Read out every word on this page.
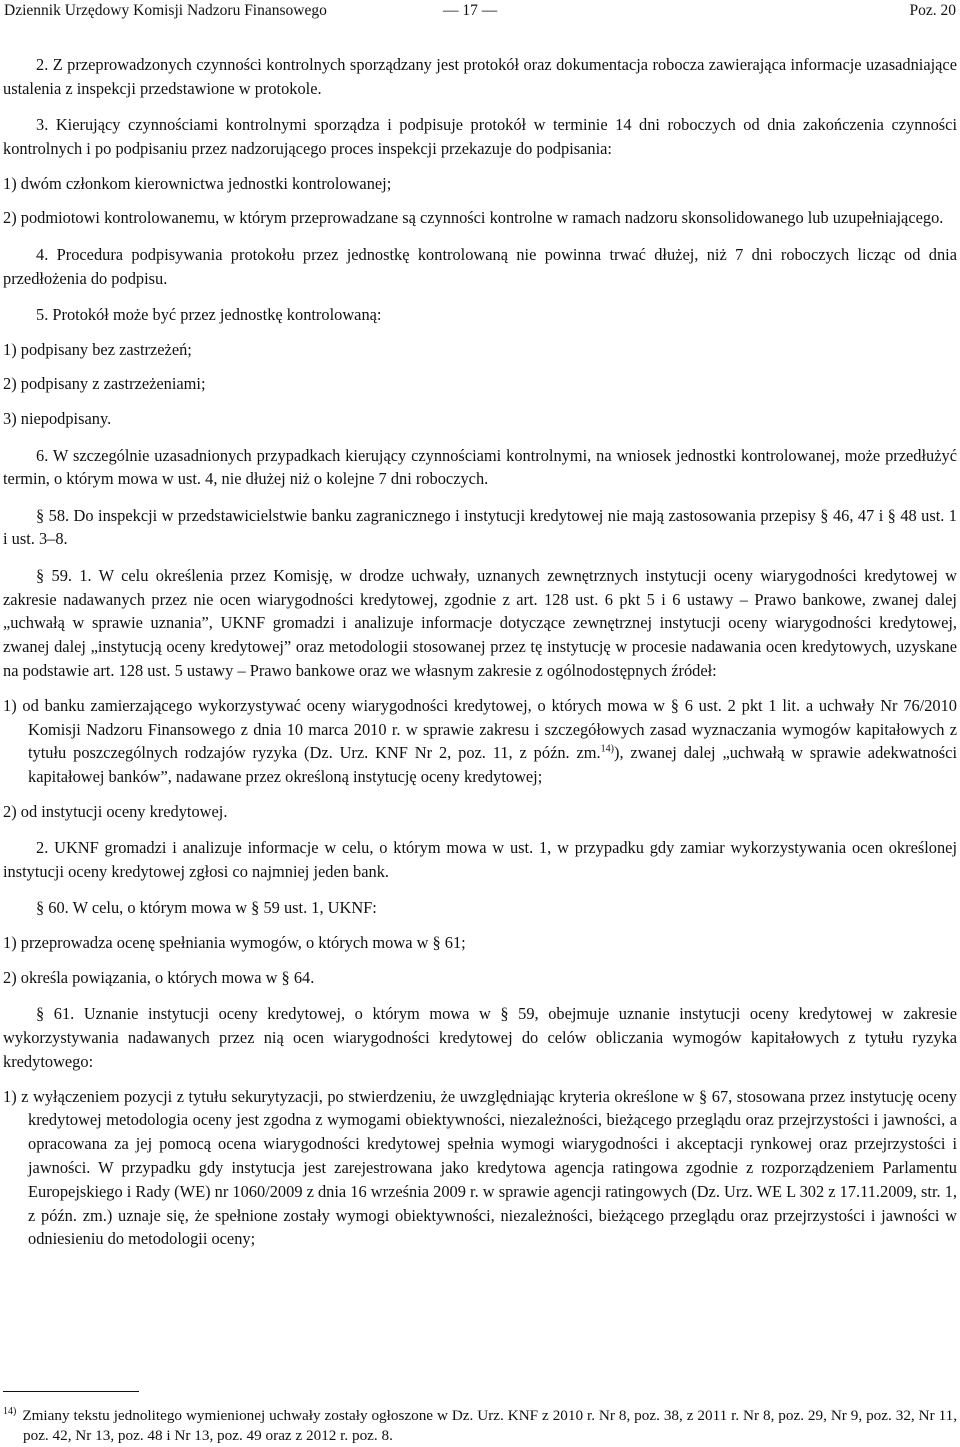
Dziennik Urzędowy Komisji Nadzoru Finansowego	— 17 —	Poz. 20

2. Z przeprowadzonych czynności kontrolnych sporządzany jest protokół oraz dokumentacja robocza zawierająca informacje uzasadniające ustalenia z inspekcji przedstawione w protokole.

3. Kierujący czynnościami kontrolnymi sporządza i podpisuje protokół w terminie 14 dni roboczych od dnia zakończenia czynności kontrolnych i po podpisaniu przez nadzorującego proces inspekcji przekazuje do podpisania:

1) dwóm członkom kierownictwa jednostki kontrolowanej;

2) podmiotowi kontrolowanemu, w którym przeprowadzane są czynności kontrolne w ramach nadzoru skonsolidowanego lub uzupełniającego.

4. Procedura podpisywania protokołu przez jednostkę kontrolowaną nie powinna trwać dłużej, niż 7 dni roboczych licząc od dnia przedłożenia do podpisu.

5. Protokół może być przez jednostkę kontrolowaną:

1) podpisany bez zastrzeżeń;

2) podpisany z zastrzeżeniami;

3) niepodpisany.

6. W szczególnie uzasadnionych przypadkach kierujący czynnościami kontrolnymi, na wniosek jednostki kontrolowanej, może przedłużyć termin, o którym mowa w ust. 4, nie dłużej niż o kolejne 7 dni roboczych.

§ 58. Do inspekcji w przedstawicielstwie banku zagranicznego i instytucji kredytowej nie mają zastosowania przepisy § 46, 47 i § 48 ust. 1 i ust. 3–8.

§ 59. 1. W celu określenia przez Komisję, w drodze uchwały, uznanych zewnętrznych instytucji oceny wiarygodności kredytowej w zakresie nadawanych przez nie ocen wiarygodności kredytowej, zgodnie z art. 128 ust. 6 pkt 5 i 6 ustawy – Prawo bankowe, zwanej dalej „uchwałą w sprawie uznania”, UKNF gromadzi i analizuje informacje dotyczące zewnętrznej instytucji oceny wiarygodności kredytowej, zwanej dalej „instytucją oceny kredytowej” oraz metodologii stosowanej przez tę instytucję w procesie nadawania ocen kredytowych, uzyskane na podstawie art. 128 ust. 5 ustawy – Prawo bankowe oraz we własnym zakresie z ogólnodostępnych źródeł:

1) od banku zamierzającego wykorzystywać oceny wiarygodności kredytowej, o których mowa w § 6 ust. 2 pkt 1 lit. a uchwały Nr 76/2010 Komisji Nadzoru Finansowego z dnia 10 marca 2010 r. w sprawie zakresu i szczegółowych zasad wyznaczania wymogów kapitałowych z tytułu poszczególnych rodzajów ryzyka (Dz. Urz. KNF Nr 2, poz. 11, z późn. zm.$^{14)}$), zwanej dalej „uchwałą w sprawie adekwatności kapitałowej banków”, nadawane przez określoną instytucję oceny kredytowej;

2) od instytucji oceny kredytowej.

2. UKNF gromadzi i analizuje informacje w celu, o którym mowa w ust. 1, w przypadku gdy zamiar wykorzystywania ocen określonej instytucji oceny kredytowej zgłosi co najmniej jeden bank.

§ 60. W celu, o którym mowa w § 59 ust. 1, UKNF:

1) przeprowadza ocenę spełniania wymogów, o których mowa w § 61;

2) określa powiązania, o których mowa w § 64.

§ 61. Uznanie instytucji oceny kredytowej, o którym mowa w § 59, obejmuje uznanie instytucji oceny kredytowej w zakresie wykorzystywania nadawanych przez nią ocen wiarygodności kredytowej do celów obliczania wymogów kapitałowych z tytułu ryzyka kredytowego:

1) z wyłączeniem pozycji z tytułu sekurytyzacji, po stwierdzeniu, że uwzględniając kryteria określone w § 67, stosowana przez instytucję oceny kredytowej metodologia oceny jest zgodna z wymogami obiektywności, niezależności, bieżącego przeglądu oraz przejrzystości i jawności, a opracowana za jej pomocą ocena wiarygodności kredytowej spełnia wymogi wiarygodności i akceptacji rynkowej oraz przejrzystości i jawności. W przypadku gdy instytucja jest zarejestrowana jako kredytowa agencja ratingowa zgodnie z rozporządzeniem Parlamentu Europejskiego i Rady (WE) nr 1060/2009 z dnia 16 września 2009 r. w sprawie agencji ratingowych (Dz. Urz. WE L 302 z 17.11.2009, str. 1, z późn. zm.) uznaje się, że spełnione zostały wymogi obiektywności, niezależności, bieżącego przeglądu oraz przejrzystości i jawności w odniesieniu do metodologii oceny;

$^{14)}$ Zmiany tekstu jednolitego wymienionej uchwały zostały ogłoszone w Dz. Urz. KNF z 2010 r. Nr 8, poz. 38, z 2011 r. Nr 8, poz. 29, Nr 9, poz. 32, Nr 11, poz. 42, Nr 13, poz. 48 i Nr 13, poz. 49 oraz z 2012 r. poz. 8.
